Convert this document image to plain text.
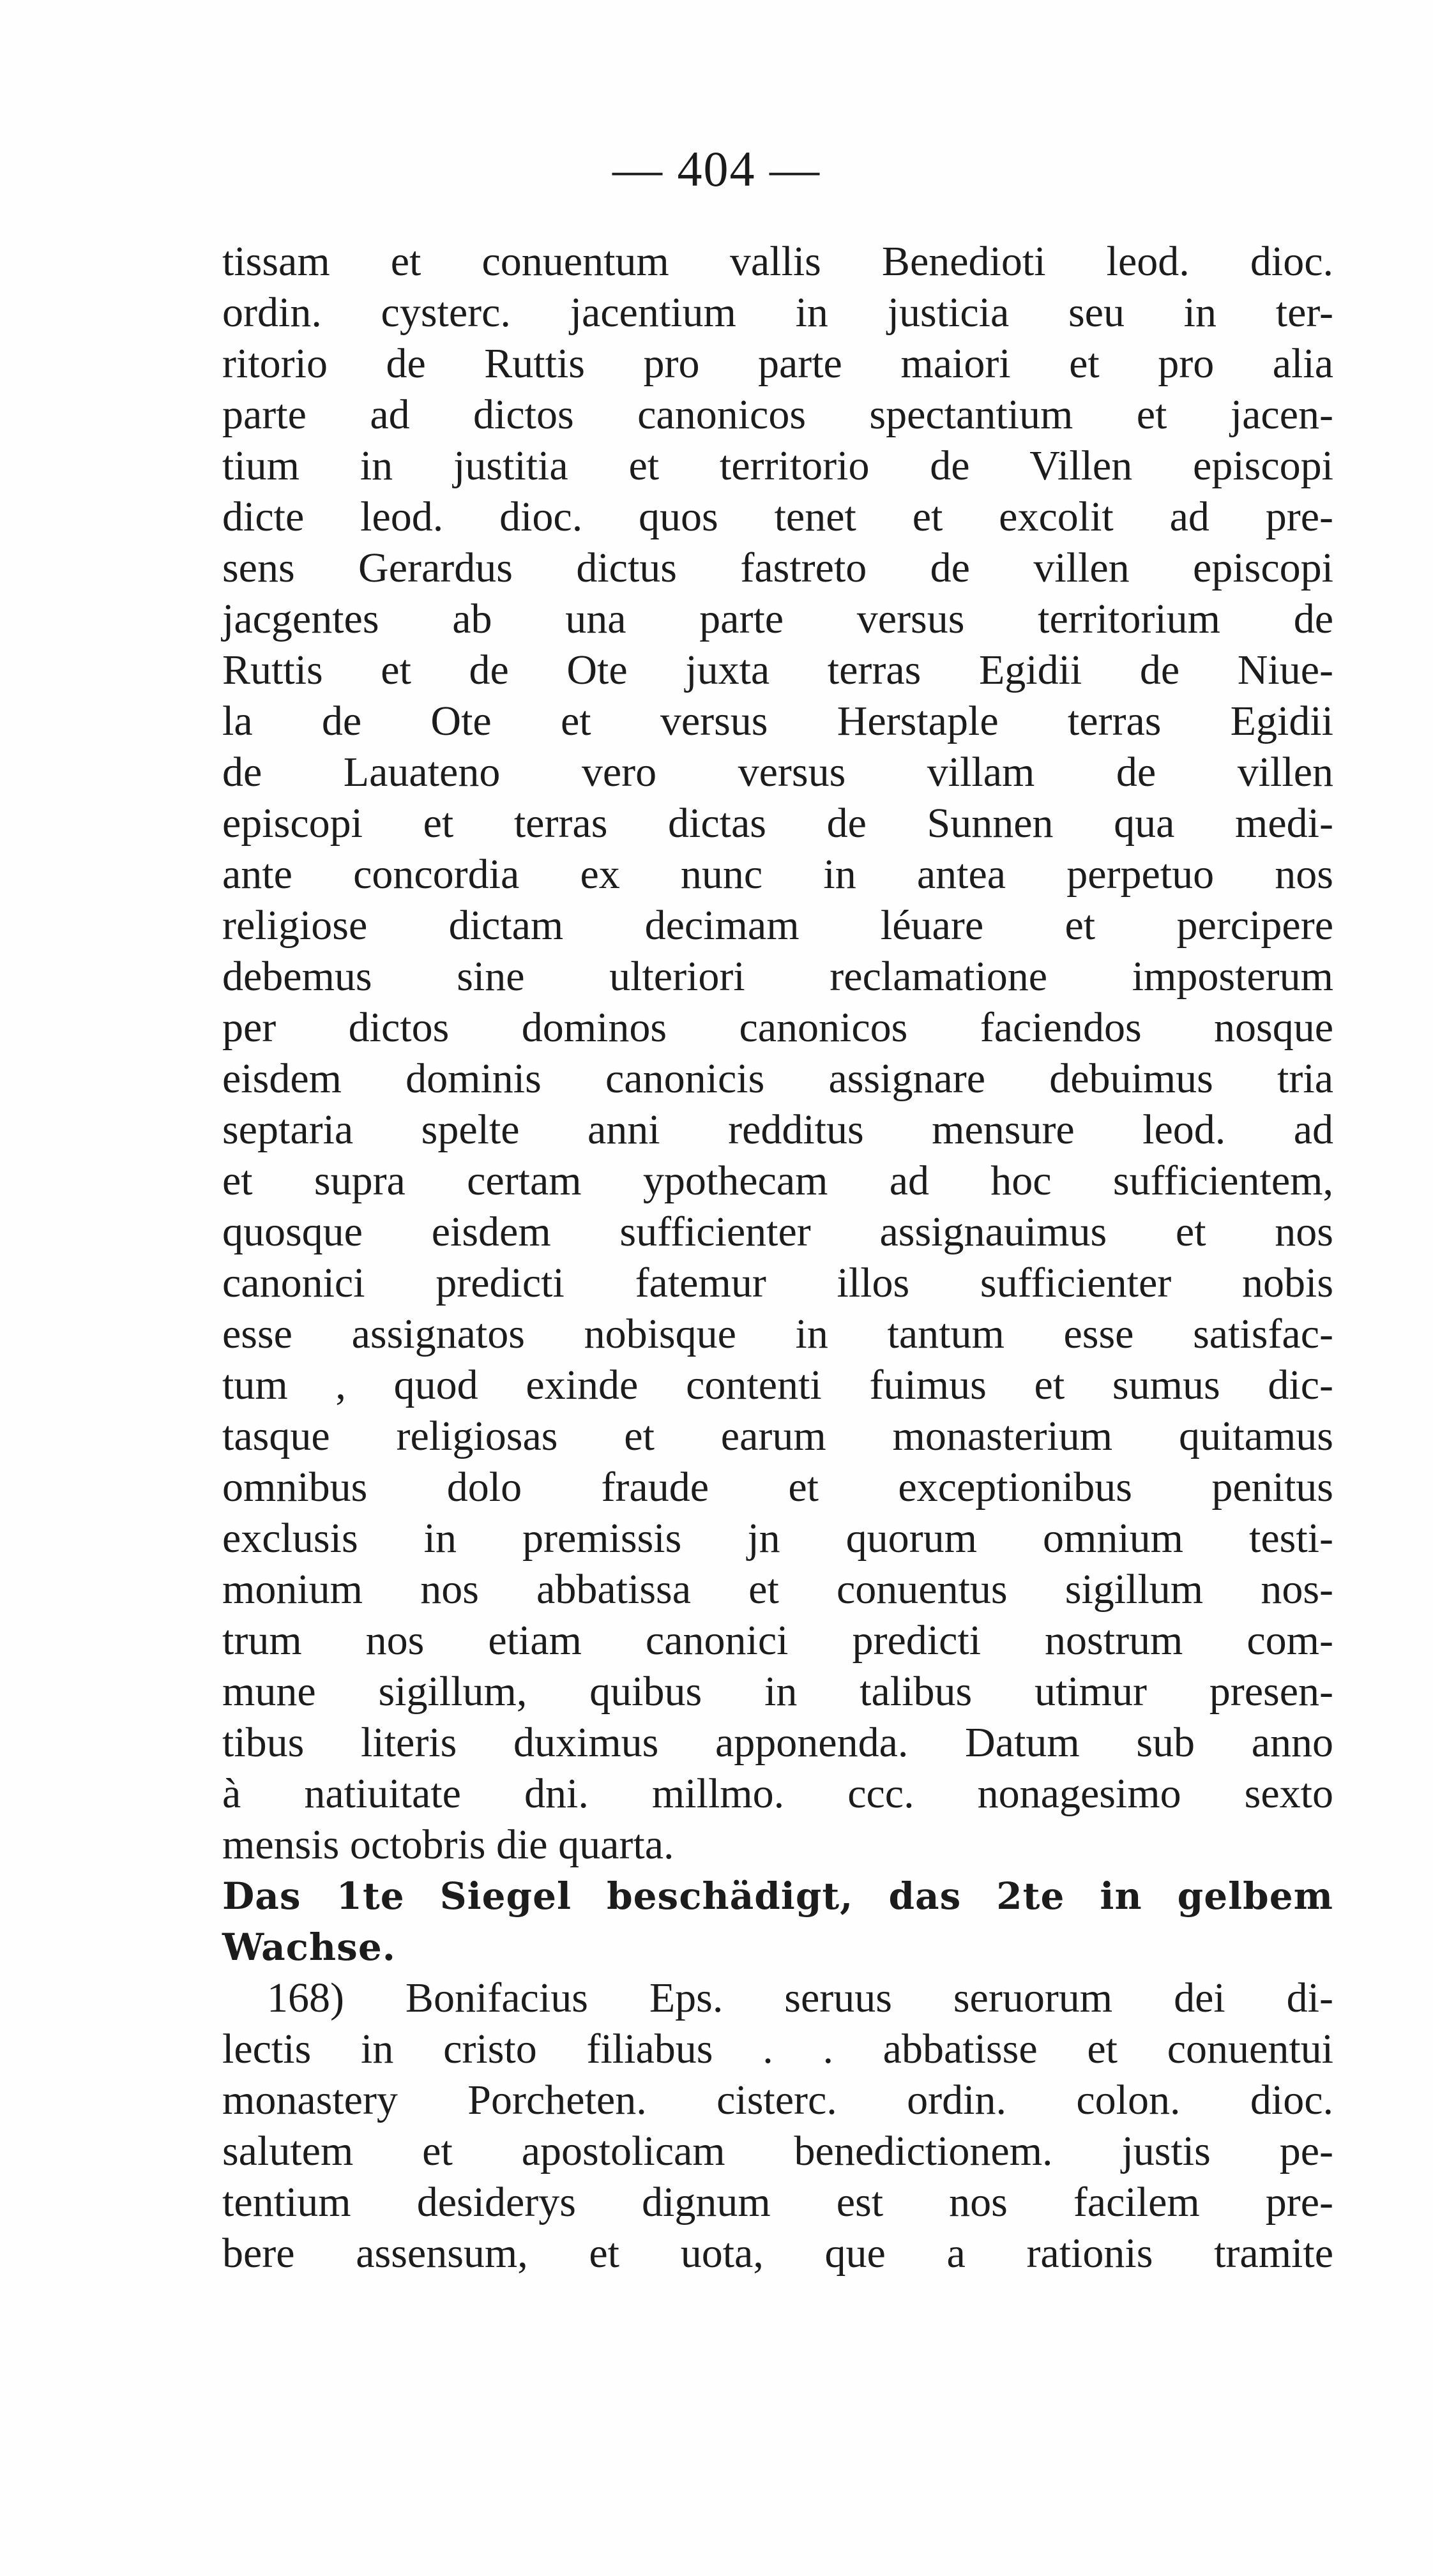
— 404 —
tissam et conuentum vallis Benedioti leod. dioc.
ordin. cysterc. jacentium in justicia seu in ter-
ritorio de Ruttis pro parte maiori et pro alia
parte ad dictos canonicos spectantium et jacen-
tium in justitia et territorio de Villen episcopi
dicte leod. dioc. quos tenet et excolit ad pre-
sens Gerardus dictus fastreto de villen episcopi
jacgentes ab una parte versus territorium de
Ruttis et de Ote juxta terras Egidii de Niue-
la de Ote et versus Herstaple terras Egidii
de Lauateno vero versus villam de villen
episcopi et terras dictas de Sunnen qua medi-
ante concordia ex nunc in antea perpetuo nos
religiose dictam decimam léuare et percipere
debemus sine ulteriori reclamatione imposterum
per dictos dominos canonicos faciendos nosque
eisdem dominis canonicis assignare debuimus tria
septaria spelte anni redditus mensure leod. ad
et supra certam ypothecam ad hoc sufficientem,
quosque eisdem sufficienter assignauimus et nos
canonici predicti fatemur illos sufficienter nobis
esse assignatos nobisque in tantum esse satisfac-
tum , quod exinde contenti fuimus et sumus dic-
tasque religiosas et earum monasterium quitamus
omnibus dolo fraude et exceptionibus penitus
exclusis in premissis jn quorum omnium testi-
monium nos abbatissa et conuentus sigillum nos-
trum nos etiam canonici predicti nostrum com-
mune sigillum, quibus in talibus utimur presen-
tibus literis duximus apponenda. Datum sub anno
à natiuitate dni. millmo. ccc. nonagesimo sexto
mensis octobris die quarta.
Das 1te Siegel beschädigt, das 2te in gelbem
Wachse.
168) Bonifacius Eps. seruus seruorum dei di-
lectis in cristo filiabus . . abbatisse et conuentui
monastery Porcheten. cisterc. ordin. colon. dioc.
salutem et apostolicam benedictionem. justis pe-
tentium desiderys dignum est nos facilem pre-
bere assensum, et uota, que a rationis tramite
